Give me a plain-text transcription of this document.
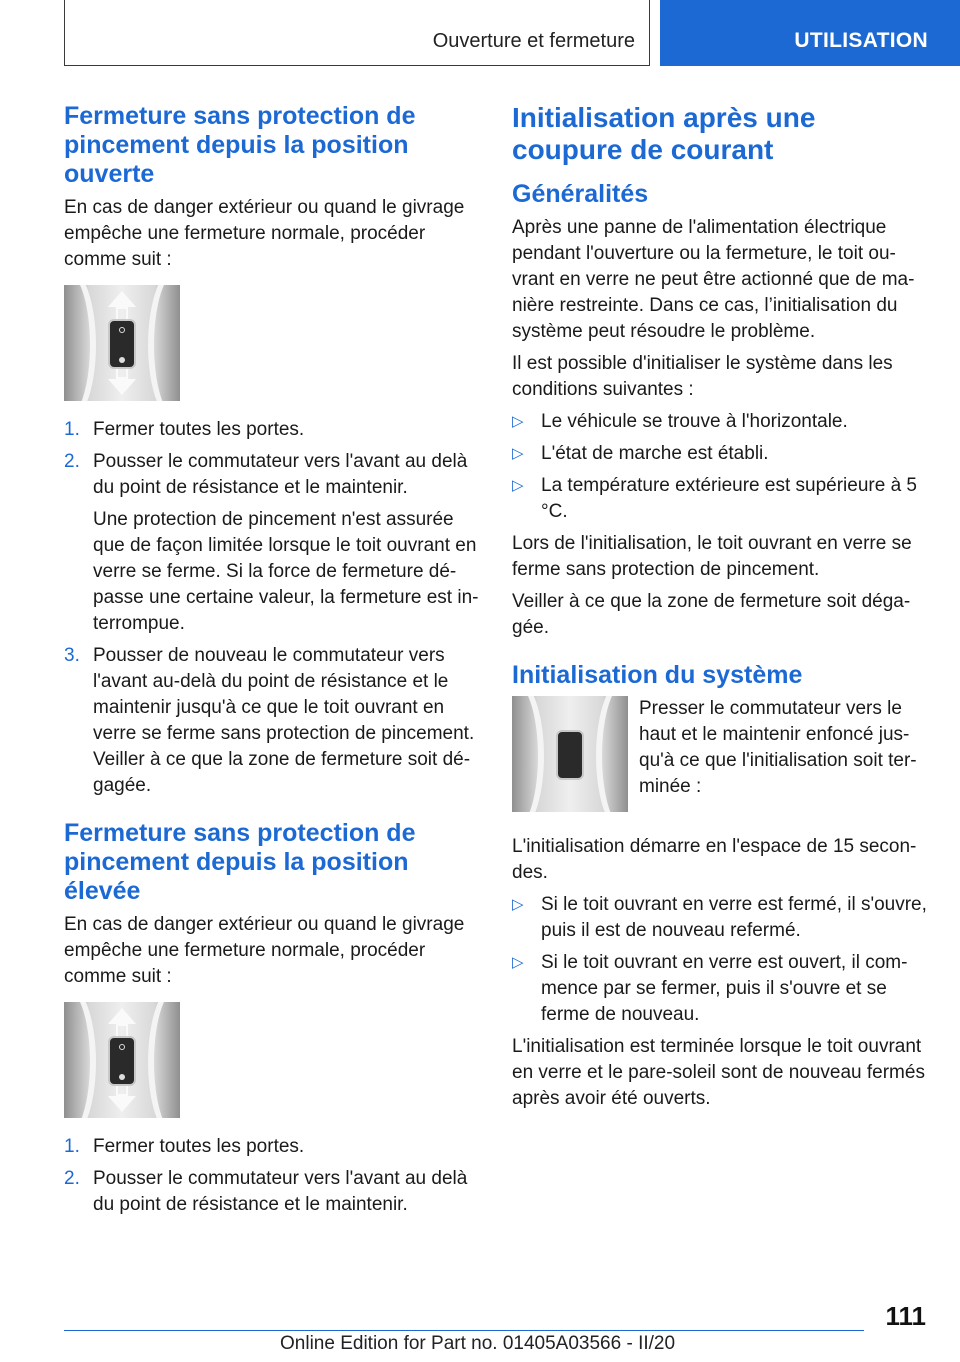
Ouverture et fermeture	UTILISATION
Fermeture sans protection de pincement depuis la position ouverte

En cas de danger extérieur ou quand le givrage empêche une fermeture normale, procéder comme suit :

1. Fermer toutes les portes.
2. Pousser le commutateur vers l'avant au delà du point de résistance et le maintenir.

Une protection de pincement n'est assurée que de façon limitée lorsque le toit ouvrant en verre se ferme. Si la force de fermeture dé-passe une certaine valeur, la fermeture est in-terrompue.

3. Pousser de nouveau le commutateur vers l'avant au-delà du point de résistance et le maintenir jusqu'à ce que le toit ouvrant en verre se ferme sans protection de pincement. Veiller à ce que la zone de fermeture soit dé-gagée.
Fermeture sans protection de pincement depuis la position élevée

En cas de danger extérieur ou quand le givrage empêche une fermeture normale, procéder comme suit :

1. Fermer toutes les portes.
2. Pousser le commutateur vers l'avant au delà du point de résistance et le maintenir.
Initialisation après une coupure de courant
Généralités

Après une panne de l'alimentation électrique pendant l'ouverture ou la fermeture, le toit ou-vrant en verre ne peut être actionné que de ma-nière restreinte. Dans ce cas, l’initialisation du système peut résoudre le problème.

Il est possible d'initialiser le système dans les conditions suivantes :

▷ Le véhicule se trouve à l'horizontale.
▷ L'état de marche est établi.
▷ La température extérieure est supérieure à 5 °C.

Lors de l'initialisation, le toit ouvrant en verre se ferme sans protection de pincement.

Veiller à ce que la zone de fermeture soit déga-gée.

Initialisation du système

Presser le commutateur vers le haut et le maintenir enfoncé jus-qu'à ce que l'initialisation soit ter-minée :

L'initialisation démarre en l'espace de 15 secon-des.

▷ Si le toit ouvrant en verre est fermé, il s'ouvre, puis il est de nouveau refermé.
▷ Si le toit ouvrant en verre est ouvert, il com-mence par se fermer, puis il s'ouvre et se ferme de nouveau.

L'initialisation est terminée lorsque le toit ouvrant en verre et le pare-soleil sont de nouveau fermés après avoir été ouverts.

111
Online Edition for Part no. 01405A03566 - II/20
